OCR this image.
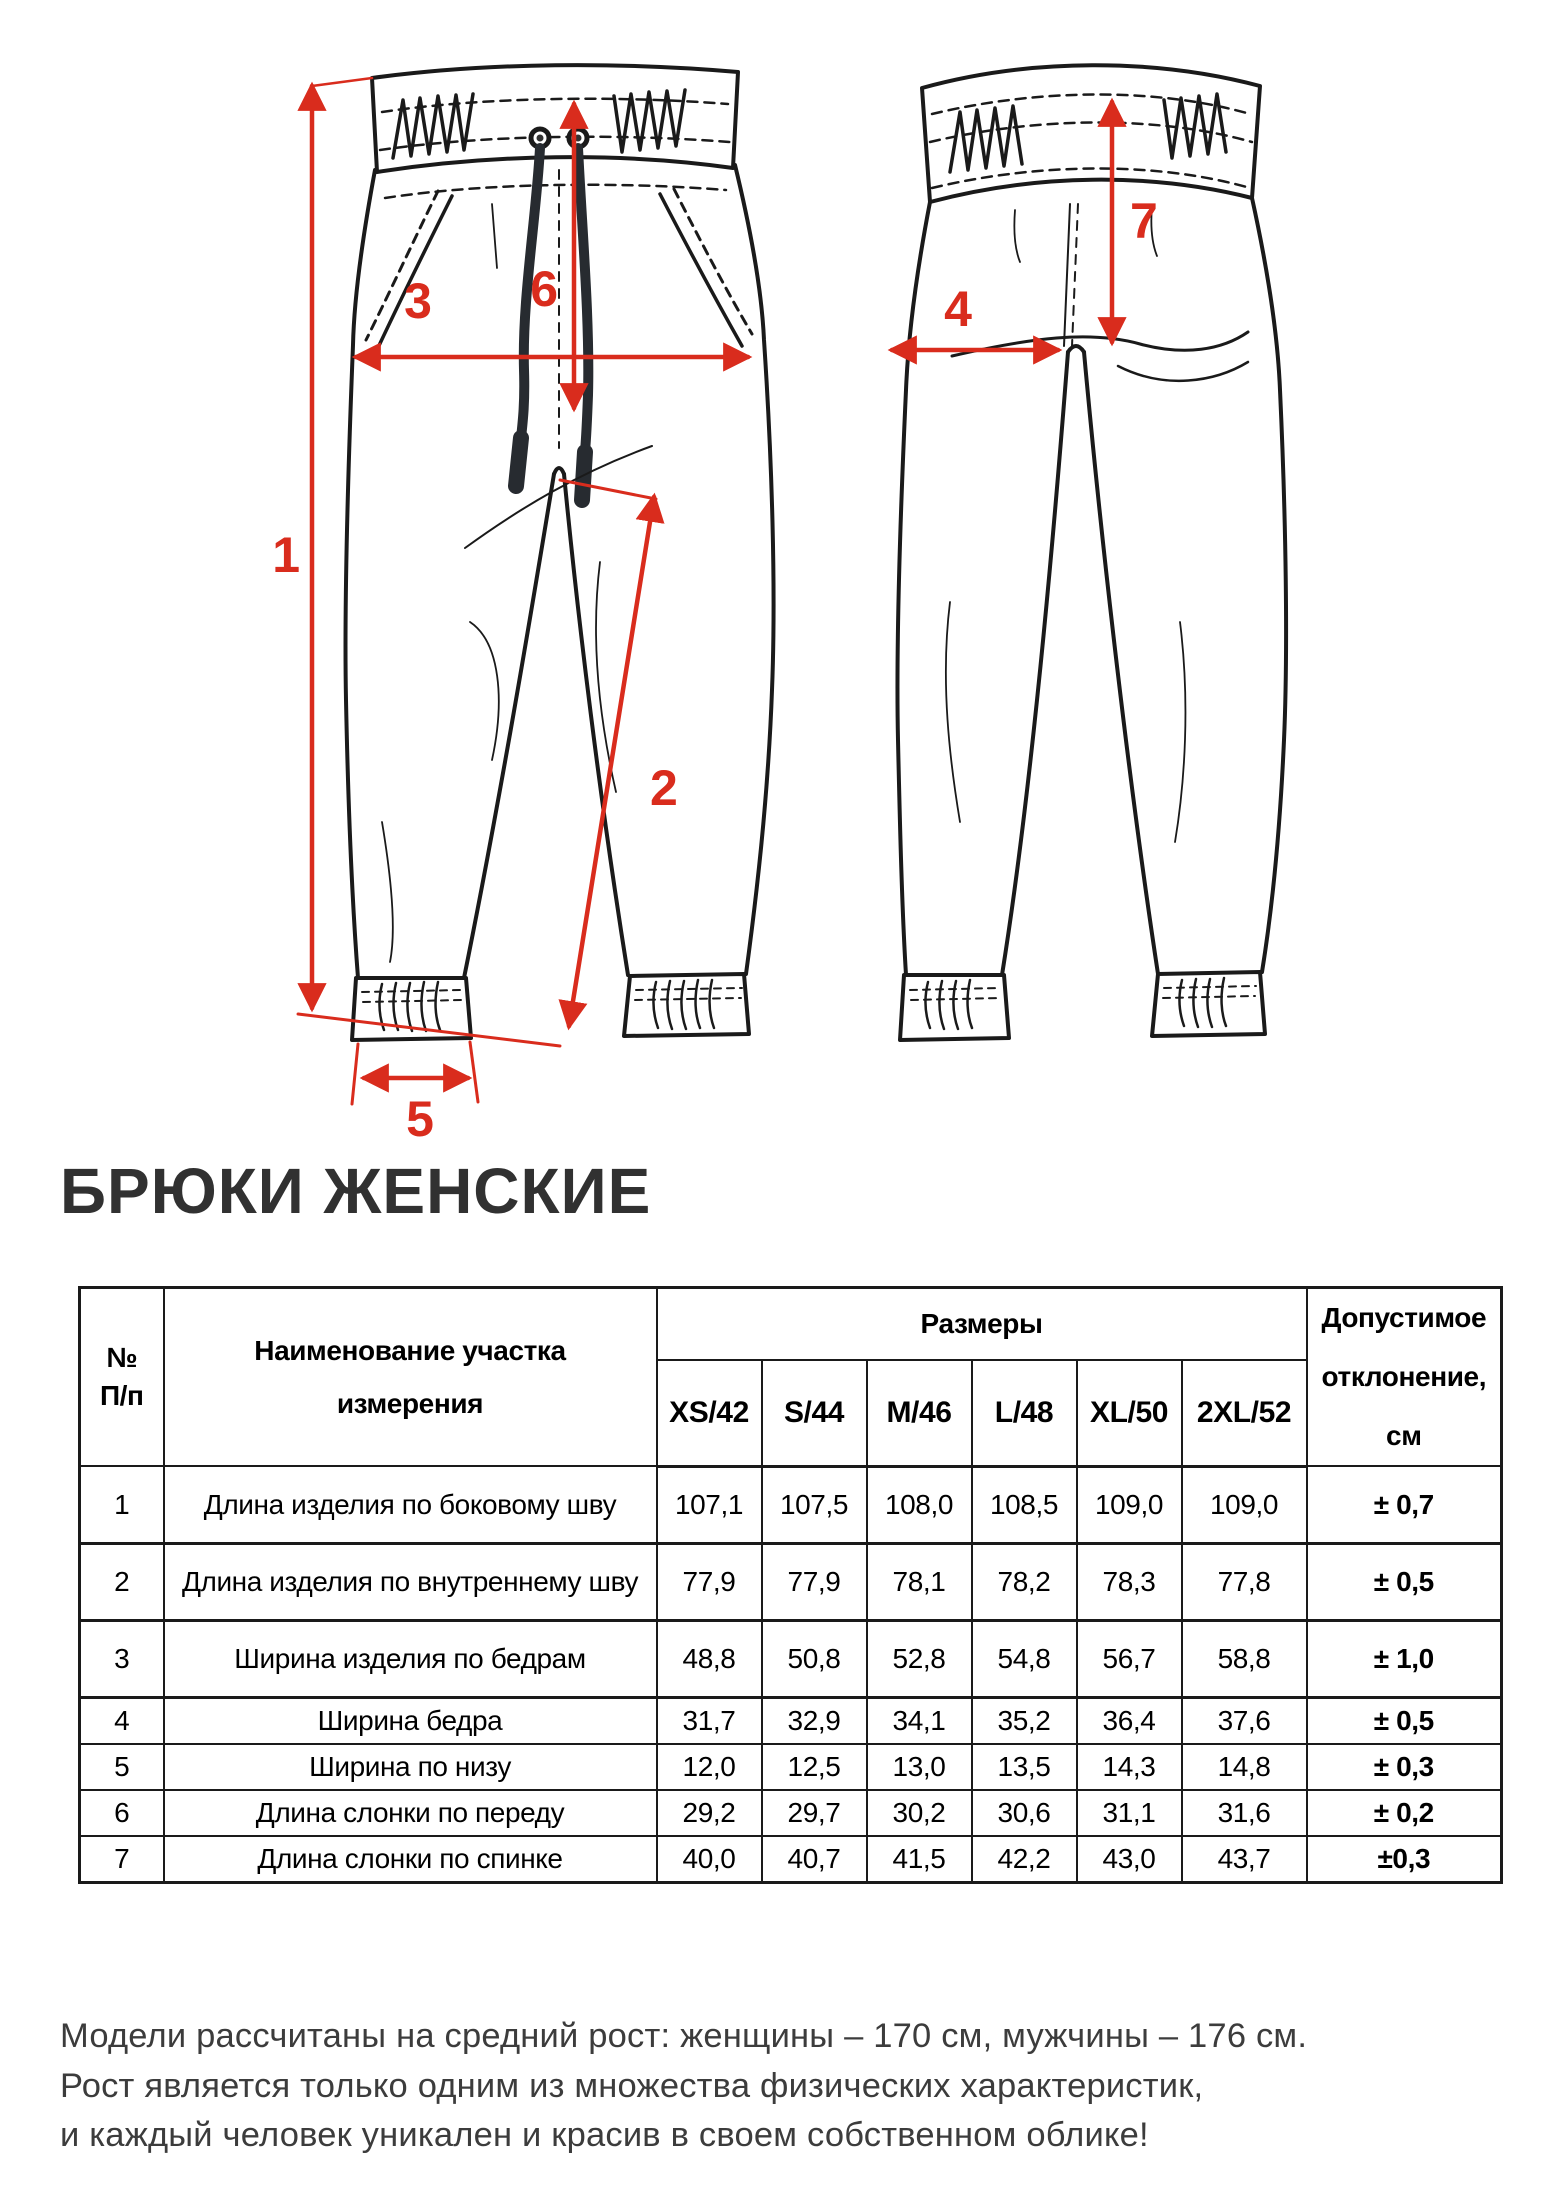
1
2
3	4
5
6
7
БРЮКИ ЖЕНСКИЕ
№
П/п	Наименование участка измерения	Размеры						Допустимое отклонение, см

		XS/42	S/44	M/46	L/48	XL/50	2XL/52	
1	Длина изделия по боковому шву	107,1	107,5	108,0	108,5	109,0	109,0	± 0,7
2	Длина изделия по внутреннему шву	77,9	77,9	78,1	78,2	78,3	77,8	± 0,5
3	Ширина изделия по бедрам	48,8	50,8	52,8	54,8	56,7	58,8	± 1,0
4	Ширина бедра	31,7	32,9	34,1	35,2	36,4	37,6	± 0,5
5	Ширина по низу	12,0	12,5	13,0	13,5	14,3	14,8	± 0,3
6	Длина слонки по переду	29,2	29,7	30,2	30,6	31,1	31,6	± 0,2
7	Длина слонки по спинке	40,0	40,7	41,5	42,2	43,0	43,7	±0,3
Модели рассчитаны на средний рост: женщины – 170 см, мужчины – 176 см.
Рост является только одним из множества физических характеристик,
и каждый человек уникален и красив в своем собственном облике!
